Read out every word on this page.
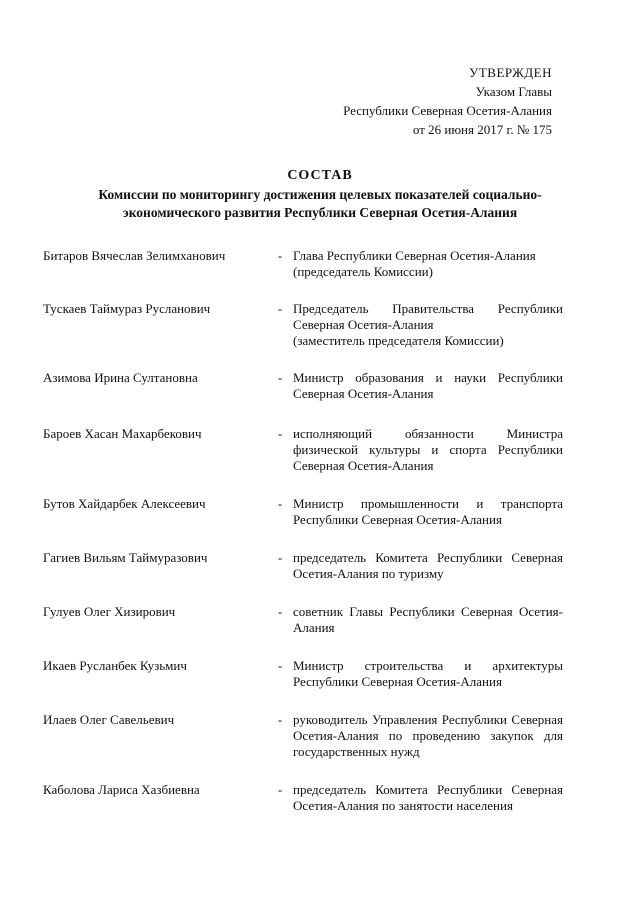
УТВЕРЖДЕН
Указом Главы
Республики Северная Осетия-Алания
от 26 июня 2017 г. № 175
СОСТАВ
Комиссии по мониторингу достижения целевых показателей социально-
экономического развития Республики Северная Осетия-Алания
Битаров Вячеслав Зелимханович	- Глава Республики Северная Осетия-Алания
(председатель Комиссии)
Тускаев Таймураз Русланович	- Председатель Правительства Республики Северная Осетия-Алания
(заместитель председателя Комиссии)
Азимова Ирина Султановна	- Министр образования и науки Республики Северная Осетия-Алания
Бароев Хасан Махарбекович	- исполняющий обязанности Министра физической культуры и спорта Республики Северная Осетия-Алания
Бутов Хайдарбек Алексеевич	- Министр промышленности и транспорта Республики Северная Осетия-Алания
Гагиев Вильям Таймуразович	- председатель Комитета Республики Северная Осетия-Алания по туризму
Гулуев Олег Хизирович	- советник Главы Республики Северная Осетия-Алания
Икаев Русланбек Кузьмич	- Министр строительства и архитектуры Республики Северная Осетия-Алания
Илаев Олег Савельевич	- руководитель Управления Республики Северная Осетия-Алания по проведению закупок для государственных нужд
Каболова Лариса Хазбиевна	- председатель Комитета Республики Северная Осетия-Алания по занятости населения
